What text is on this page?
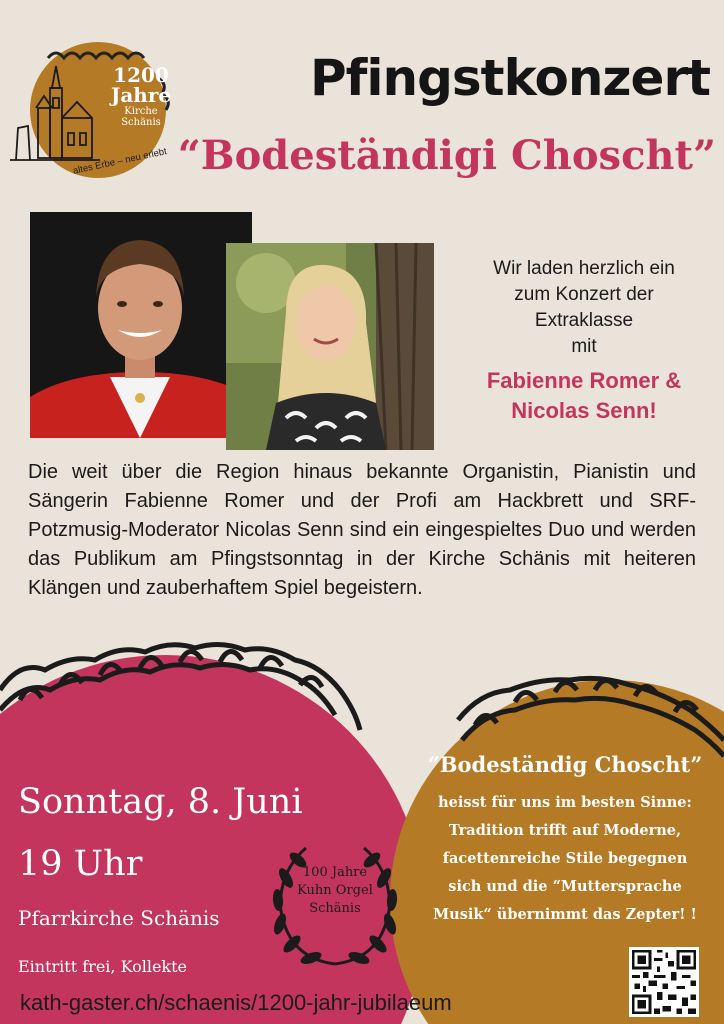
1200
Jahre
Kirche
Schänis
altes Erbe – neu erlebt
Pfingstkonzert
“Bodeständigi Choscht”
Wir laden herzlich ein
zum Konzert der
Extraklasse
mit
Fabienne Romer &
Nicolas Senn!
Die weit über die Region hinaus bekannte Organistin, Pianistin und Sängerin Fabienne Romer und der Profi am Hackbrett und SRF-Potzmusig-Moderator Nicolas Senn sind ein eingespieltes Duo und werden das Publikum am Pfingstsonntag in der Kirche Schänis mit heiteren Klängen und zauberhaftem Spiel begeistern.
Sonntag, 8. Juni
19 Uhr
Pfarrkirche Schänis
Eintritt frei, Kollekte
100 Jahre
Kuhn Orgel
Schänis
“Bodeständig Choscht”
heisst für uns im besten Sinne:
Tradition trifft auf Moderne,
facettenreiche Stile begegnen
sich und die “Muttersprache
Musik“ übernimmt das Zepter! !
kath-gaster.ch/schaenis/1200-jahr-jubilaeum
